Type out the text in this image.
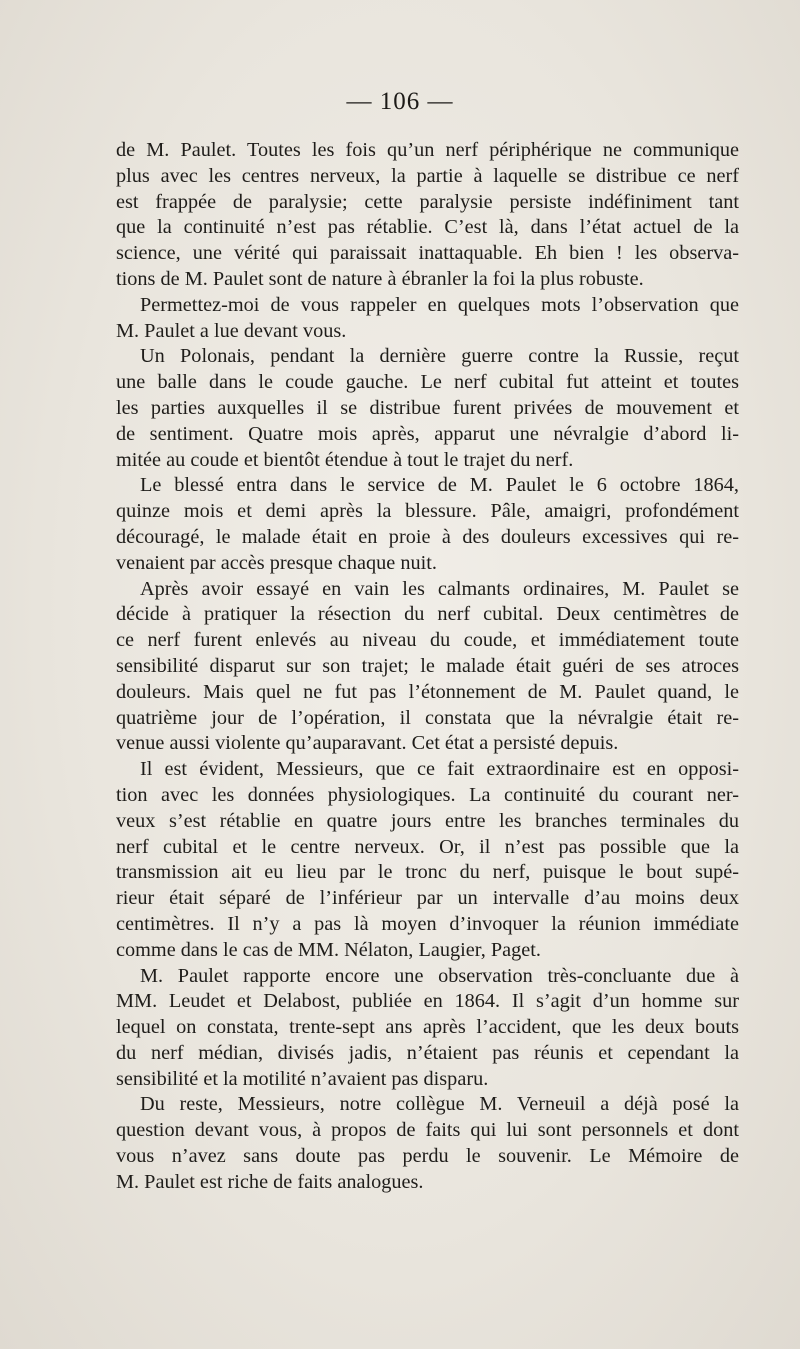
— 106 —
de M. Paulet. Toutes les fois qu’un nerf périphérique ne communique
plus avec les centres nerveux, la partie à laquelle se distribue ce nerf
est frappée de paralysie; cette paralysie persiste indéfiniment tant
que la continuité n’est pas rétablie. C’est là, dans l’état actuel de la
science, une vérité qui paraissait inattaquable. Eh bien ! les observa-
tions de M. Paulet sont de nature à ébranler la foi la plus robuste.
Permettez-moi de vous rappeler en quelques mots l’observation que
M. Paulet a lue devant vous.
Un Polonais, pendant la dernière guerre contre la Russie, reçut
une balle dans le coude gauche. Le nerf cubital fut atteint et toutes
les parties auxquelles il se distribue furent privées de mouvement et
de sentiment. Quatre mois après, apparut une névralgie d’abord li-
mitée au coude et bientôt étendue à tout le trajet du nerf.
Le blessé entra dans le service de M. Paulet le 6 octobre 1864,
quinze mois et demi après la blessure. Pâle, amaigri, profondément
découragé, le malade était en proie à des douleurs excessives qui re-
venaient par accès presque chaque nuit.
Après avoir essayé en vain les calmants ordinaires, M. Paulet se
décide à pratiquer la résection du nerf cubital. Deux centimètres de
ce nerf furent enlevés au niveau du coude, et immédiatement toute
sensibilité disparut sur son trajet; le malade était guéri de ses atroces
douleurs. Mais quel ne fut pas l’étonnement de M. Paulet quand, le
quatrième jour de l’opération, il constata que la névralgie était re-
venue aussi violente qu’auparavant. Cet état a persisté depuis.
Il est évident, Messieurs, que ce fait extraordinaire est en opposi-
tion avec les données physiologiques. La continuité du courant ner-
veux s’est rétablie en quatre jours entre les branches terminales du
nerf cubital et le centre nerveux. Or, il n’est pas possible que la
transmission ait eu lieu par le tronc du nerf, puisque le bout supé-
rieur était séparé de l’inférieur par un intervalle d’au moins deux
centimètres. Il n’y a pas là moyen d’invoquer la réunion immédiate
comme dans le cas de MM. Nélaton, Laugier, Paget.
M. Paulet rapporte encore une observation très-concluante due à
MM. Leudet et Delabost, publiée en 1864. Il s’agit d’un homme sur
lequel on constata, trente-sept ans après l’accident, que les deux bouts
du nerf médian, divisés jadis, n’étaient pas réunis et cependant la
sensibilité et la motilité n’avaient pas disparu.
Du reste, Messieurs, notre collègue M. Verneuil a déjà posé la
question devant vous, à propos de faits qui lui sont personnels et dont
vous n’avez sans doute pas perdu le souvenir. Le Mémoire de
M. Paulet est riche de faits analogues.
